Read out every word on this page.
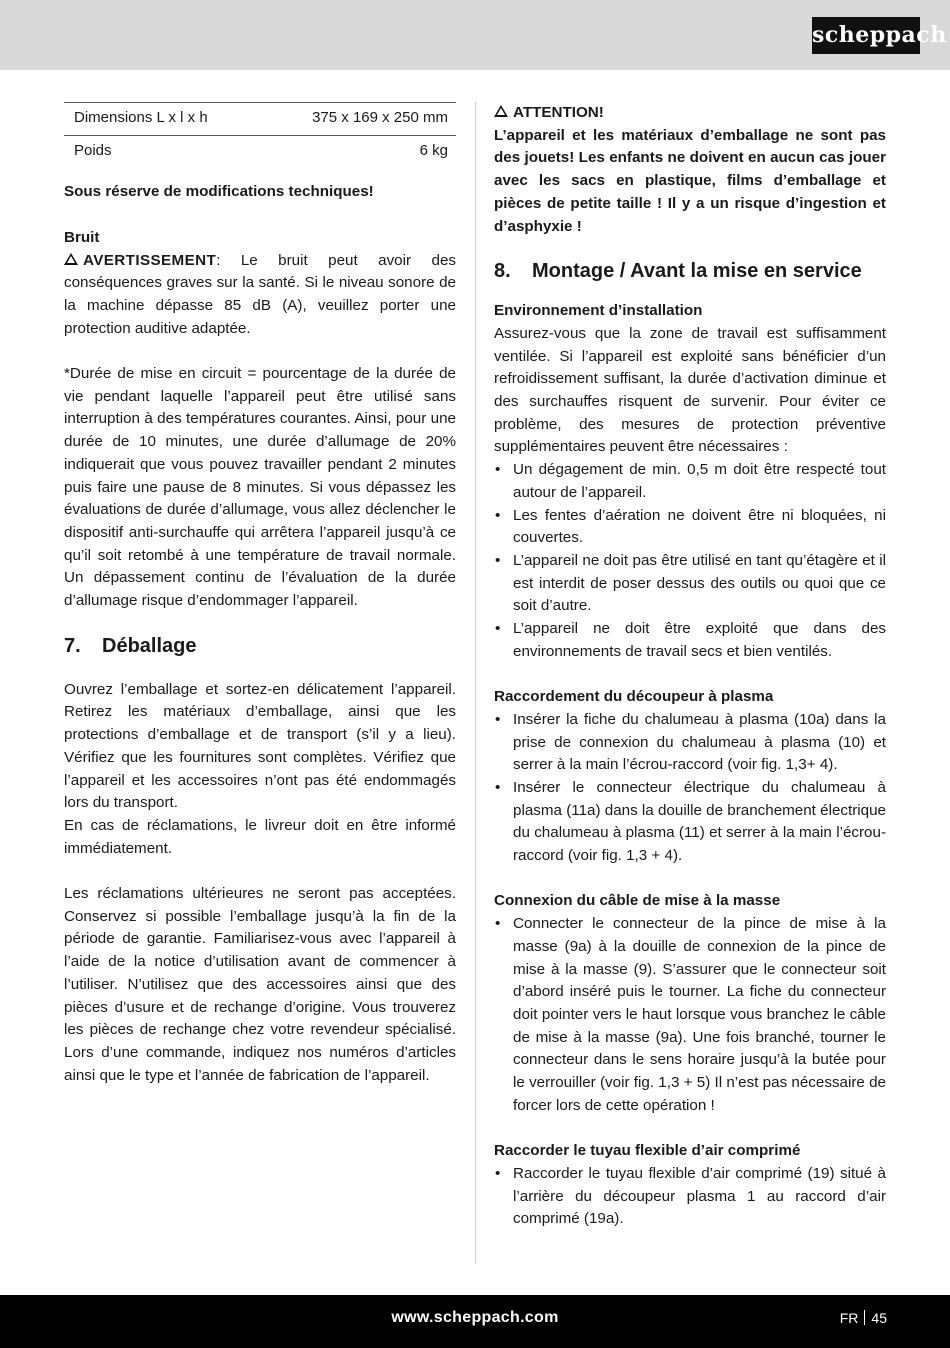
scheppach
Dimensions L x l x h	375 x 169 x 250 mm
Poids	6 kg

Sous réserve de modifications techniques!

Bruit

AVERTISSEMENT: Le bruit peut avoir des conséquences graves sur la santé. Si le niveau sonore de la machine dépasse 85 dB (A), veuillez porter une protection auditive adaptée.

*Durée de mise en circuit = pourcentage de la durée de vie pendant laquelle l’appareil peut être utilisé sans interruption à des températures courantes. Ainsi, pour une durée de 10 minutes, une durée d’allumage de 20% indiquerait que vous pouvez travailler pendant 2 minutes puis faire une pause de 8 minutes. Si vous dépassez les évaluations de durée d’allumage, vous allez déclencher le dispositif anti-surchauffe qui arrêtera l’appareil jusqu’à ce qu’il soit retombé à une température de travail normale. Un dépassement continu de l’évaluation de la durée d’allumage risque d’endommager l’appareil.

7. Déballage

Ouvrez l’emballage et sortez-en délicatement l’appareil. Retirez les matériaux d’emballage, ainsi que les protections d’emballage et de transport (s’il y a lieu). Vérifiez que les fournitures sont complètes. Vérifiez que l’appareil et les accessoires n’ont pas été endommagés lors du transport.

En cas de réclamations, le livreur doit en être informé immédiatement.

Les réclamations ultérieures ne seront pas acceptées. Conservez si possible l’emballage jusqu’à la fin de la période de garantie. Familiarisez-vous avec l’appareil à l’aide de la notice d’utilisation avant de commencer à l’utiliser. N’utilisez que des accessoires ainsi que des pièces d’usure et de rechange d’origine. Vous trouverez les pièces de rechange chez votre revendeur spécialisé. Lors d’une commande, indiquez nos numéros d’articles ainsi que le type et l’année de fabrication de l’appareil.

ATTENTION!

L’appareil et les matériaux d’emballage ne sont pas des jouets! Les enfants ne doivent en aucun cas jouer avec les sacs en plastique, films d’emballage et pièces de petite taille ! Il y a un risque d’ingestion et d’asphyxie !

8. Montage / Avant la mise en service

Environnement d’installation

Assurez-vous que la zone de travail est suffisamment ventilée. Si l’appareil est exploité sans bénéficier d’un refroidissement suffisant, la durée d’activation diminue et des surchauffes risquent de survenir. Pour éviter ce problème, des mesures de protection préventive supplémentaires peuvent être nécessaires :

• Un dégagement de min. 0,5 m doit être respecté tout autour de l’appareil.
• Les fentes d’aération ne doivent être ni bloquées, ni couvertes.
• L’appareil ne doit pas être utilisé en tant qu’étagère et il est interdit de poser dessus des outils ou quoi que ce soit d’autre.
• L’appareil ne doit être exploité que dans des environnements de travail secs et bien ventilés.

Raccordement du découpeur à plasma

• Insérer la fiche du chalumeau à plasma (10a) dans la prise de connexion du chalumeau à plasma (10) et serrer à la main l’écrou-raccord (voir fig. 1,3+ 4).
• Insérer le connecteur électrique du chalumeau à plasma (11a) dans la douille de branchement électrique du chalumeau à plasma (11) et serrer à la main l’écrou-raccord (voir fig. 1,3 + 4).

Connexion du câble de mise à la masse

• Connecter le connecteur de la pince de mise à la masse (9a) à la douille de connexion de la pince de mise à la masse (9). S’assurer que le connecteur soit d’abord inséré puis le tourner. La fiche du connecteur doit pointer vers le haut lorsque vous branchez le câble de mise à la masse (9a). Une fois branché, tourner le connecteur dans le sens horaire jusqu’à la butée pour le verrouiller (voir fig. 1,3 + 5) Il n’est pas nécessaire de forcer lors de cette opération !

Raccorder le tuyau flexible d’air comprimé

• Raccorder le tuyau flexible d’air comprimé (19) situé à l’arrière du découpeur plasma 1 au raccord d’air comprimé (19a).
www.scheppach.com	FR 45
